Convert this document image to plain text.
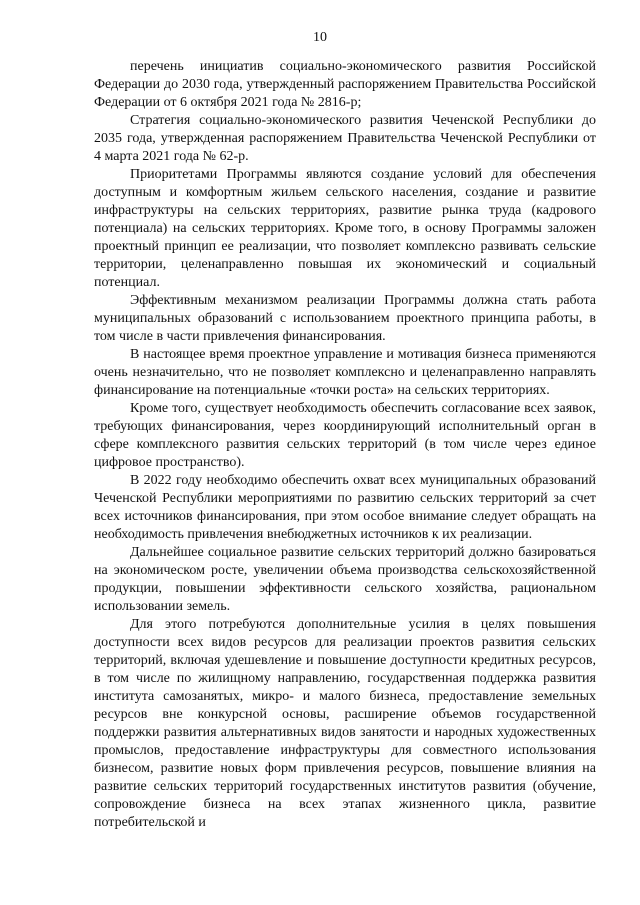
10

перечень инициатив социально-экономического развития Российской Федерации до 2030 года, утвержденный распоряжением Правительства Российской Федерации от 6 октября 2021 года № 2816-р;

Стратегия социально-экономического развития Чеченской Республики до 2035 года, утвержденная распоряжением Правительства Чеченской Республики от 4 марта 2021 года № 62-р.

Приоритетами Программы являются создание условий для обеспечения доступным и комфортным жильем сельского населения, создание и развитие инфраструктуры на сельских территориях, развитие рынка труда (кадрового потенциала) на сельских территориях. Кроме того, в основу Программы заложен проектный принцип ее реализации, что позволяет комплексно развивать сельские территории, целенаправленно повышая их экономический и социальный потенциал.

Эффективным механизмом реализации Программы должна стать работа муниципальных образований с использованием проектного принципа работы, в том числе в части привлечения финансирования.

В настоящее время проектное управление и мотивация бизнеса применяются очень незначительно, что не позволяет комплексно и целенаправленно направлять финансирование на потенциальные «точки роста» на сельских территориях.

Кроме того, существует необходимость обеспечить согласование всех заявок, требующих финансирования, через координирующий исполнительный орган в сфере комплексного развития сельских территорий (в том числе через единое цифровое пространство).

В 2022 году необходимо обеспечить охват всех муниципальных образований Чеченской Республики мероприятиями по развитию сельских территорий за счет всех источников финансирования, при этом особое внимание следует обращать на необходимость привлечения внебюджетных источников к их реализации.

Дальнейшее социальное развитие сельских территорий должно базироваться на экономическом росте, увеличении объема производства сельскохозяйственной продукции, повышении эффективности сельского хозяйства, рациональном использовании земель.

Для этого потребуются дополнительные усилия в целях повышения доступности всех видов ресурсов для реализации проектов развития сельских территорий, включая удешевление и повышение доступности кредитных ресурсов, в том числе по жилищному направлению, государственная поддержка развития института самозанятых, микро- и малого бизнеса, предоставление земельных ресурсов вне конкурсной основы, расширение объемов государственной поддержки развития альтернативных видов занятости и народных художественных промыслов, предоставление инфраструктуры для совместного использования бизнесом, развитие новых форм привлечения ресурсов, повышение влияния на развитие сельских территорий государственных институтов развития (обучение, сопровождение бизнеса на всех этапах жизненного цикла, развитие потребительской и
